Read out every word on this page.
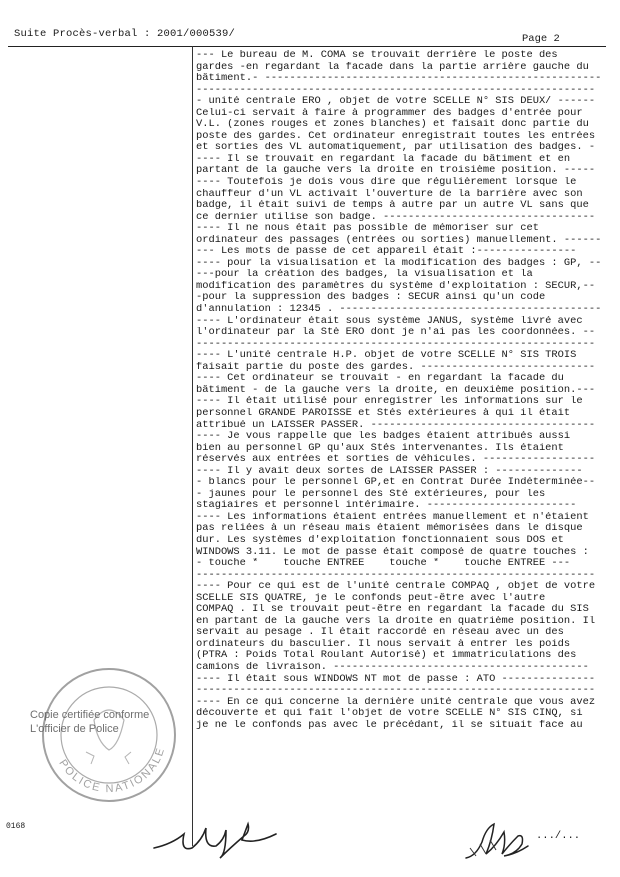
Suite Procès-verbal : 2001/000539/	Page 2
--- Le bureau de M. COMA se trouvait derrière le poste des
gardes -en regardant la facade dans la partie arrière gauche du
bâtiment.- ------------------------------------------------------
----------------------------------------------------------------
- unité centrale ERO , objet de votre SCELLE N° SIS DEUX/ ------
Celui-ci servait à faire à programmer des badges d'entrée pour
V.L. (zones rouges et zones blanches) et faisait donc partie du
poste des gardes. Cet ordinateur enregistrait toutes les entrées
et sorties des VL automatiquement, par utilisation des badges. -
---- Il se trouvait en regardant la facade du bâtiment et en
partant de la gauche vers la droite en troisième position. -----
---- Toutefois je dois vous dire que régulièrement lorsque le
chauffeur d'un VL activait l'ouverture de la barrière avec son
badge, il était suivi de temps à autre par un autre VL sans que
ce dernier utilise son badge. ----------------------------------
---- Il ne nous était pas possible de mémoriser sur cet
ordinateur des passages (entrées ou sorties) manuellement. ------
--- Les mots de passe de cet appareil était :----------------
---- pour la visualisation et la modification des badges : GP, --
---pour la création des badges, la visualisation et la
modification des paramètres du système d'exploitation : SECUR,--
-pour la suppression des badges : SECUR ainsi qu'un code
d'annulation : 12345 . ------------------------------------------
---- L'ordinateur était sous système JANUS, système livré avec
l'ordinateur par la Stè ERO dont je n'ai pas les coordonnées. --
----------------------------------------------------------------
---- L'unité centrale H.P. objet de votre SCELLE N° SIS TROIS
faisait partie du poste des gardes. ----------------------------
---- Cet ordinateur se trouvait - en regardant la facade du
bâtiment - de la gauche vers la droite, en deuxième position.---
---- Il était utilisé pour enregistrer les informations sur le
personnel GRANDE PAROISSE et Stés extérieures à qui il était
attribué un LAISSER PASSER. ------------------------------------
---- Je vous rappelle que les badges étaient attribués aussi
bien au personnel GP qu'aux Stés intervenantes. Ils étaient
réservés aux entrées et sorties de véhicules. ------------------
---- Il y avait deux sortes de LAISSER PASSER : --------------
- blancs pour le personnel GP,et en Contrat Durée Indéterminée--
- jaunes pour le personnel des Sté extérieures, pour les
stagiaires et personnel intérimaire. ------------------------
---- Les informations étaient entrées manuellement et n'étaient
pas reliées à un réseau mais étaient mémorisées dans le disque
dur. Les systèmes d'exploitation fonctionnaient sous DOS et
WINDOWS 3.11. Le mot de passe était composé de quatre touches :
- touche *    touche ENTREE    touche *    touche ENTREE ---
----------------------------------------------------------------
---- Pour ce qui est de l'unité centrale COMPAQ , objet de votre
SCELLE SIS QUATRE, je le confonds peut-être avec l'autre
COMPAQ . Il se trouvait peut-être en regardant la facade du SIS
en partant de la gauche vers la droite en quatrième position. Il
servait au pesage . Il était raccordé en réseau avec un des
ordinateurs du basculier. Il nous servait à entrer les poids
(PTRA : Poids Total Roulant Autorisé) et immatriculations des
camions de livraison. -----------------------------------------
---- Il était sous WINDOWS NT mot de passe : ATO ---------------
----------------------------------------------------------------
---- En ce qui concerne la dernière unité centrale que vous avez
découverte et qui fait l'objet de votre SCELLE N° SIS CINQ, si
je ne le confonds pas avec le précédant, il se situait face au
POLICE NATIONALE
Copie certifiée conforme
L'officier de Police
0168
.../...
